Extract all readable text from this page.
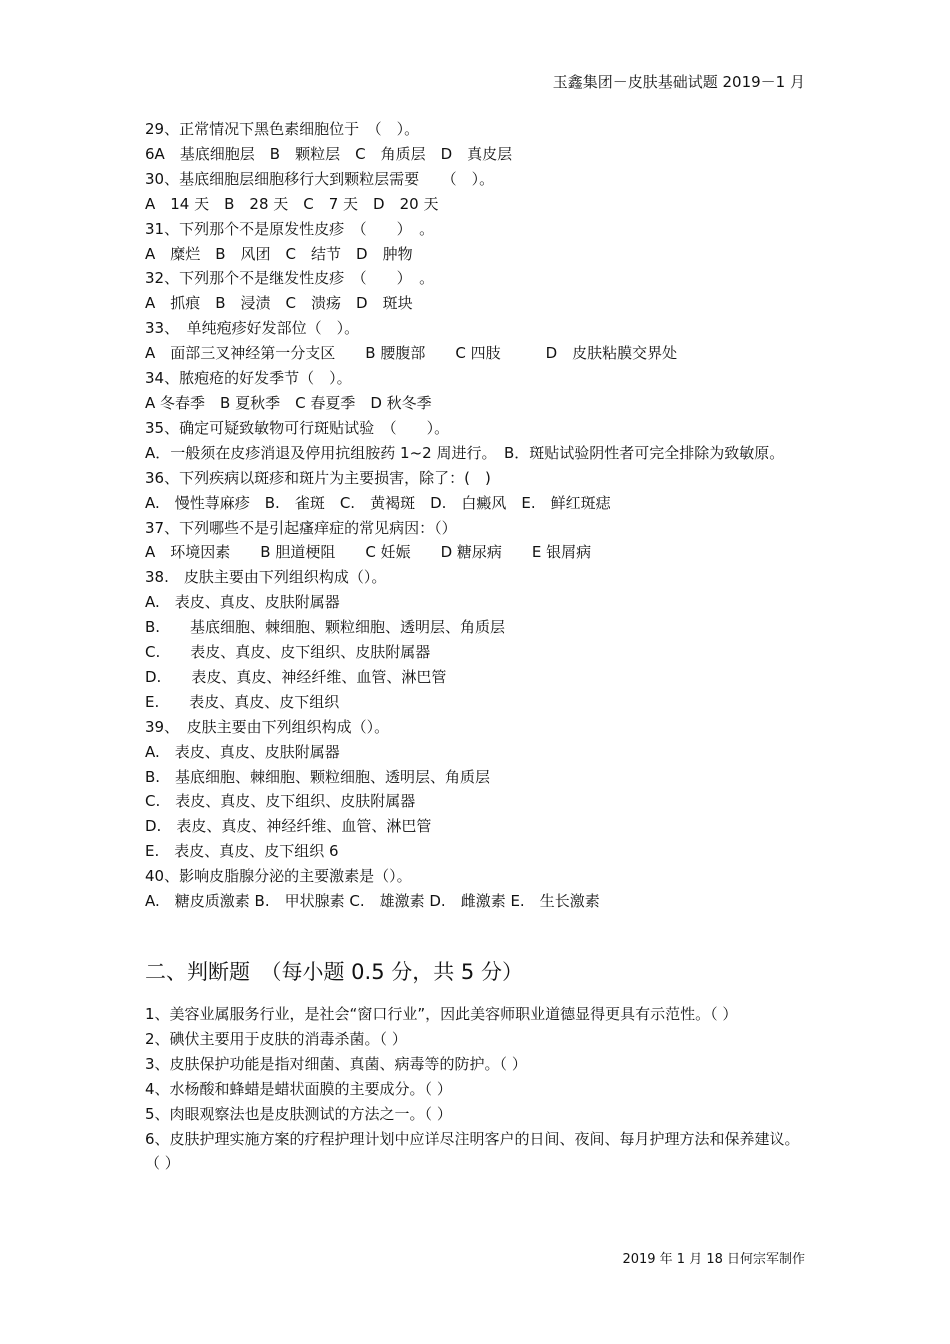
玉鑫集团－皮肤基础试题 2019－1 月
29、正常情况下黑色素细胞位于　（　）。
6A　基底细胞层　B　颗粒层　C　角质层　D　真皮层
30、基底细胞层细胞移行大到颗粒层需要　　（　）。
A　14 天　B　28 天　C　7 天　D　20 天
31、下列那个不是原发性皮疹　（　　）　。
A　糜烂　B　风团　C　结节　D　肿物
32、下列那个不是继发性皮疹　（　　）　。
A　抓痕　B　浸渍　C　溃疡　D　斑块
33、　单纯疱疹好发部位（　）。
A　面部三叉神经第一分支区　　B 腰腹部　　C 四肢　　　D　皮肤粘膜交界处
34、脓疱疮的好发季节（　）。
A 冬春季　B 夏秋季　C 春夏季　D 秋冬季
35、确定可疑致敏物可行斑贴试验　（　　）。
A．一般须在皮疹消退及停用抗组胺药 1~2 周进行。　B．斑贴试验阴性者可完全排除为致敏原。
36、下列疾病以斑疹和斑片为主要损害，除了：(　)
A.　慢性荨麻疹　B.　雀斑　C.　黄褐斑　D.　白癜风　E.　鲜红斑痣
37、下列哪些不是引起瘙痒症的常见病因：（）
A　环境因素　　B 胆道梗阻　　C 妊娠　　D 糖尿病　　E 银屑病
38.　皮肤主要由下列组织构成（）。
A.　表皮、真皮、皮肤附属器
B.　　基底细胞、棘细胞、颗粒细胞、透明层、角质层
C.　　表皮、真皮、皮下组织、皮肤附属器
D.　　表皮、真皮、神经纤维、血管、淋巴管
E.　　表皮、真皮、皮下组织
39、　皮肤主要由下列组织构成（）。
A.　表皮、真皮、皮肤附属器
B.　基底细胞、棘细胞、颗粒细胞、透明层、角质层
C.　表皮、真皮、皮下组织、皮肤附属器
D.　表皮、真皮、神经纤维、血管、淋巴管
E.　表皮、真皮、皮下组织 6
40、影响皮脂腺分泌的主要激素是（）。
A.　糖皮质激素 B.　甲状腺素 C.　雄激素 D.　雌激素 E.　生长激素
二、判断题　（每小题 0.5 分，共 5 分）
1、美容业属服务行业，是社会“窗口行业”，因此美容师职业道德显得更具有示范性。（ ）
2、碘伏主要用于皮肤的消毒杀菌。（ ）
3、皮肤保护功能是指对细菌、真菌、病毒等的防护。（ ）
4、水杨酸和蜂蜡是蜡状面膜的主要成分。（ ）
5、肉眼观察法也是皮肤测试的方法之一。（ ）
6、皮肤护理实施方案的疗程护理计划中应详尽注明客户的日间、夜间、每月护理方法和保养建议。　（ ）
2019 年 1 月 18 日何宗军制作
